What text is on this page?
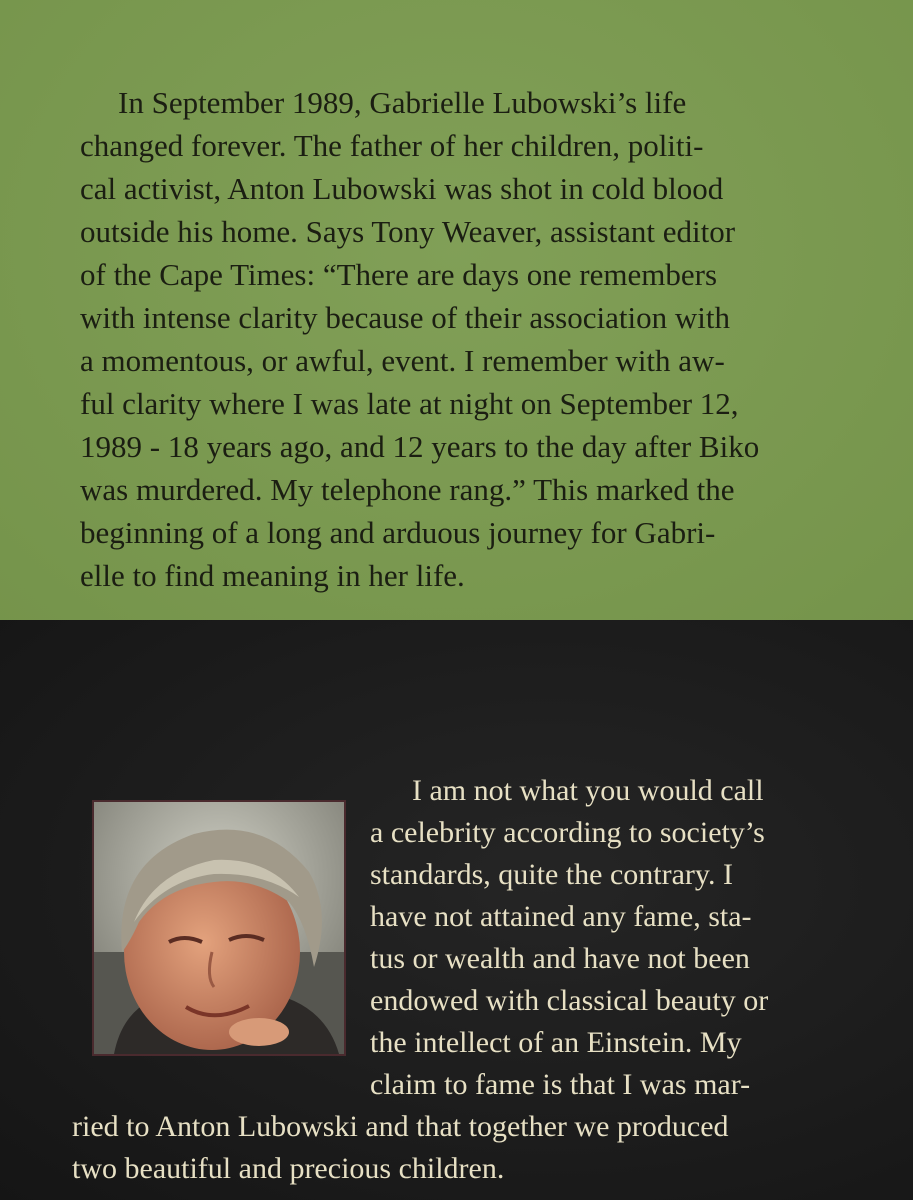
In September 1989, Gabrielle Lubowski’s life
changed forever. The father of her children, politi-
cal activist, Anton Lubowski was shot in cold blood
outside his home. Says Tony Weaver, assistant editor
of the Cape Times: “There are days one remembers
with intense clarity because of their association with
a momentous, or awful, event. I remember with aw-
ful clarity where I was late at night on September 12,
1989 - 18 years ago, and 12 years to the day after Biko
was murdered. My telephone rang.” This marked the
beginning of a long and arduous journey for Gabri-
elle to find meaning in her life.
I am not what you would call
a celebrity according to society’s
standards, quite the contrary. I
have not attained any fame, sta-
tus or wealth and have not been
endowed with classical beauty or
the intellect of an Einstein. My
claim to fame is that I was mar-
ried to Anton Lubowski and that together we produced
two beautiful and precious children.
